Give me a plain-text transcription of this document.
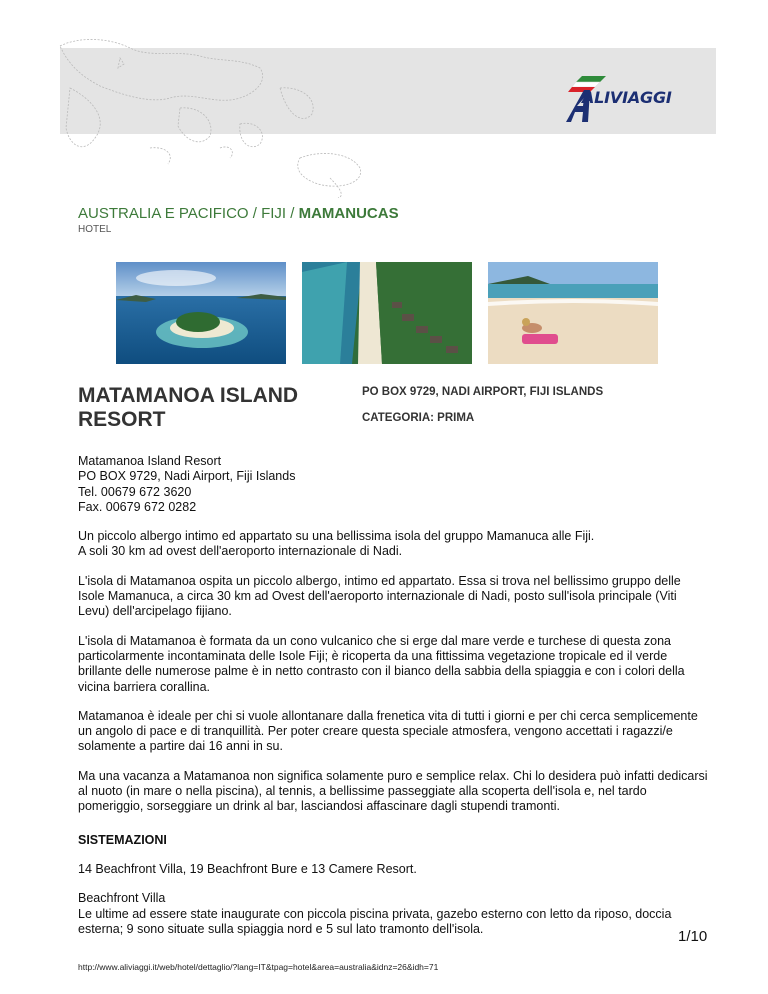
ALIVIAGGI
AUSTRALIA E PACIFICO / FIJI / MAMANUCAS
HOTEL
MATAMANOA ISLAND RESORT
PO BOX 9729, NADI AIRPORT, FIJI ISLANDS
CATEGORIA: PRIMA

Matamanoa Island Resort
PO BOX 9729, Nadi Airport, Fiji Islands
Tel. 00679 672 3620
Fax. 00679 672 0282

Un piccolo albergo intimo ed appartato su una bellissima isola del gruppo Mamanuca alle Fiji.
A soli 30 km ad ovest dell'aeroporto internazionale di Nadi.

L'isola di Matamanoa ospita un piccolo albergo, intimo ed appartato. Essa si trova nel bellissimo gruppo delle Isole Mamanuca, a circa 30 km ad Ovest dell'aeroporto internazionale di Nadi, posto sull'isola principale (Viti Levu) dell'arcipelago fijiano.

L'isola di Matamanoa è formata da un cono vulcanico che si erge dal mare verde e turchese di questa zona particolarmente incontaminata delle Isole Fiji; è ricoperta da una fittissima vegetazione tropicale ed il verde brillante delle numerose palme è in netto contrasto con il bianco della sabbia della spiaggia e con i colori della vicina barriera corallina.

Matamanoa è ideale per chi si vuole allontanare dalla frenetica vita di tutti i giorni e per chi cerca semplicemente un angolo di pace e di tranquillità. Per poter creare questa speciale atmosfera, vengono accettati i ragazzi/e solamente a partire dai 16 anni in su.

Ma una vacanza a Matamanoa non significa solamente puro e semplice relax. Chi lo desidera può infatti dedicarsi al nuoto (in mare o nella piscina), al tennis, a bellissime passeggiate alla scoperta dell'isola e, nel tardo pomeriggio, sorseggiare un drink al bar, lasciandosi affascinare dagli stupendi tramonti.

SISTEMAZIONI

14 Beachfront Villa, 19 Beachfront Bure e 13 Camere Resort.

Beachfront Villa
Le ultime ad essere state inaugurate con piccola piscina privata, gazebo esterno con letto da riposo, doccia esterna; 9 sono situate sulla spiaggia nord e 5 sul lato tramonto dell'isola.	1/10
http://www.aliviaggi.it/web/hotel/dettaglio/?lang=IT&tpag=hotel&area=australia&idnz=26&idh=71
